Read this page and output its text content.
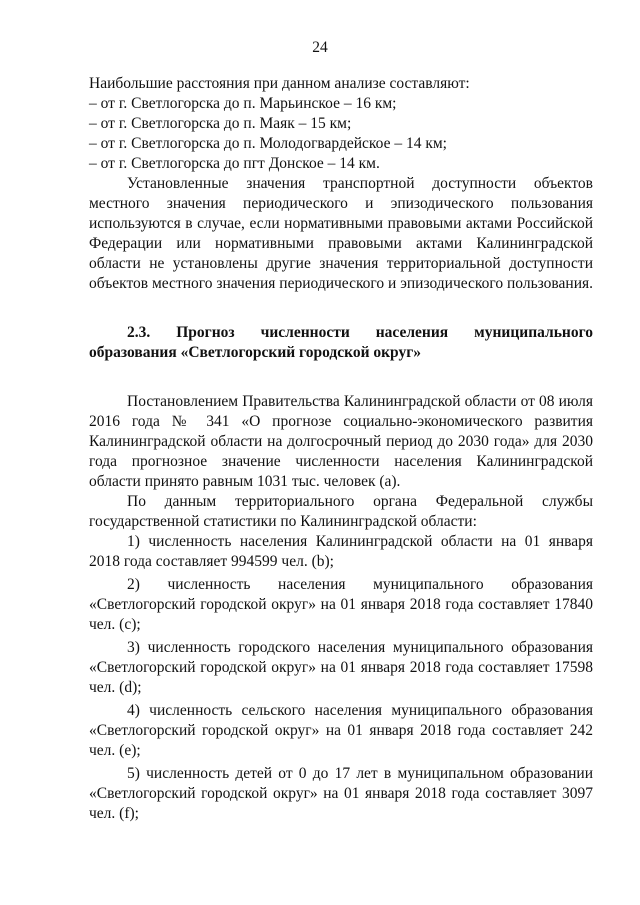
24

Наибольшие расстояния при данном анализе составляют:

– от г. Светлогорска до п. Марьинское – 16 км;

– от г. Светлогорска до п. Маяк – 15 км;

– от г. Светлогорска до п. Молодогвардейское – 14 км;

– от г. Светлогорска до пгт Донское – 14 км.

Установленные значения транспортной доступности объектов местного значения периодического и эпизодического пользования используются в случае, если нормативными правовыми актами Российской Федерации или нормативными правовыми актами Калининградской области не установлены другие значения территориальной доступности объектов местного значения периодического и эпизодического пользования.

2.3. Прогноз численности населения муниципального образования «Светлогорский городской округ»

Постановлением Правительства Калининградской области от 08 июля 2016 года № 341 «О прогнозе социально-экономического развития Калининградской области на долгосрочный период до 2030 года» для 2030 года прогнозное значение численности населения Калининградской области принято равным 1031 тыс. человек (a).

По данным территориального органа Федеральной службы государственной статистики по Калининградской области:

1) численность населения Калининградской области на 01 января 2018 года составляет 994599 чел. (b);

2) численность населения муниципального образования «Светлогорский городской округ» на 01 января 2018 года составляет 17840 чел. (c);

3) численность городского населения муниципального образования «Светлогорский городской округ» на 01 января 2018 года составляет 17598 чел. (d);

4) численность сельского населения муниципального образования «Светлогорский городской округ» на 01 января 2018 года составляет 242 чел. (e);

5) численность детей от 0 до 17 лет в муниципальном образовании «Светлогорский городской округ» на 01 января 2018 года составляет 3097 чел. (f);
